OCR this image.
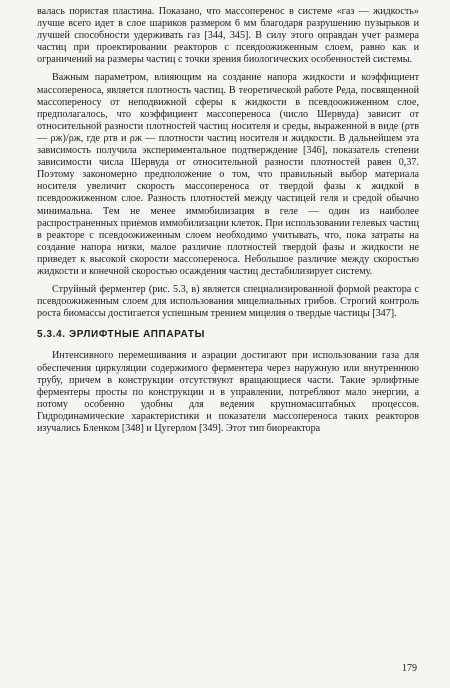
валась пористая пластина. Показано, что массоперенос в системе «газ — жидкость» лучше всего идет в слое шариков размером 6 мм благодаря разрушению пузырьков и лучшей способности удерживать газ [344, 345]. В силу этого оправдан учет размера частиц при проектировании реакторов с псевдоожиженным слоем, равно как и ограничений на размеры частиц с точки зрения биологических особенностей системы.

Важным параметром, влияющим на создание напора жидкости и коэффициент массопереноса, является плотность частиц. В теоретической работе Реда, посвященной массопереносу от неподвижной сферы к жидкости в псевдоожиженном слое, предполагалось, что коэффициент массопереноса (число Шервуда) зависит от относительной разности плотностей частиц носителя и среды, выраженной в виде (ρтв — ρж)/ρж, где ρтв и ρж — плотности частиц носителя и жидкости. В дальнейшем эта зависимость получила экспериментальное подтверждение [346], показатель степени зависимости числа Шервуда от относительной разности плотностей равен 0,37. Поэтому закономерно предположение о том, что правильный выбор материала носителя увеличит скорость массопереноса от твердой фазы к жидкой в псевдоожиженном слое. Разность плотностей между частицей геля и средой обычно минимальна. Тем не менее иммобилизация в геле — один из наиболее распространенных приемов иммобилизации клеток. При использовании гелевых частиц в реакторе с псевдоожиженным слоем необходимо учитывать, что, пока затраты на создание напора низки, малое различие плотностей твердой фазы и жидкости не приведет к высокой скорости массопереноса. Небольшое различие между скоростью жидкости и конечной скоростью осаждения частиц дестабилизирует систему.

Струйный ферментер (рис. 5.3, в) является специализированной формой реактора с псевдоожиженным слоем для использования мицелиальных грибов. Строгий контроль роста биомассы достигается успешным трением мицелия о твердые частицы [347].

5.3.4. ЭРЛИФТНЫЕ АППАРАТЫ

Интенсивного перемешивания и аэрации достигают при использовании газа для обеспечения циркуляции содержимого ферментера через наружную или внутреннюю трубу, причем в конструкции отсутствуют вращающиеся части. Такие эрлифтные ферментеры просты по конструкции и в управлении, потребляют мало энергии, а потому особенно удобны для ведения крупномасштабных процессов. Гидродинамические характеристики и показатели массопереноса таких реакторов изучались Бленком [348] и Цугерлом [349]. Этот тип биореактора

179
